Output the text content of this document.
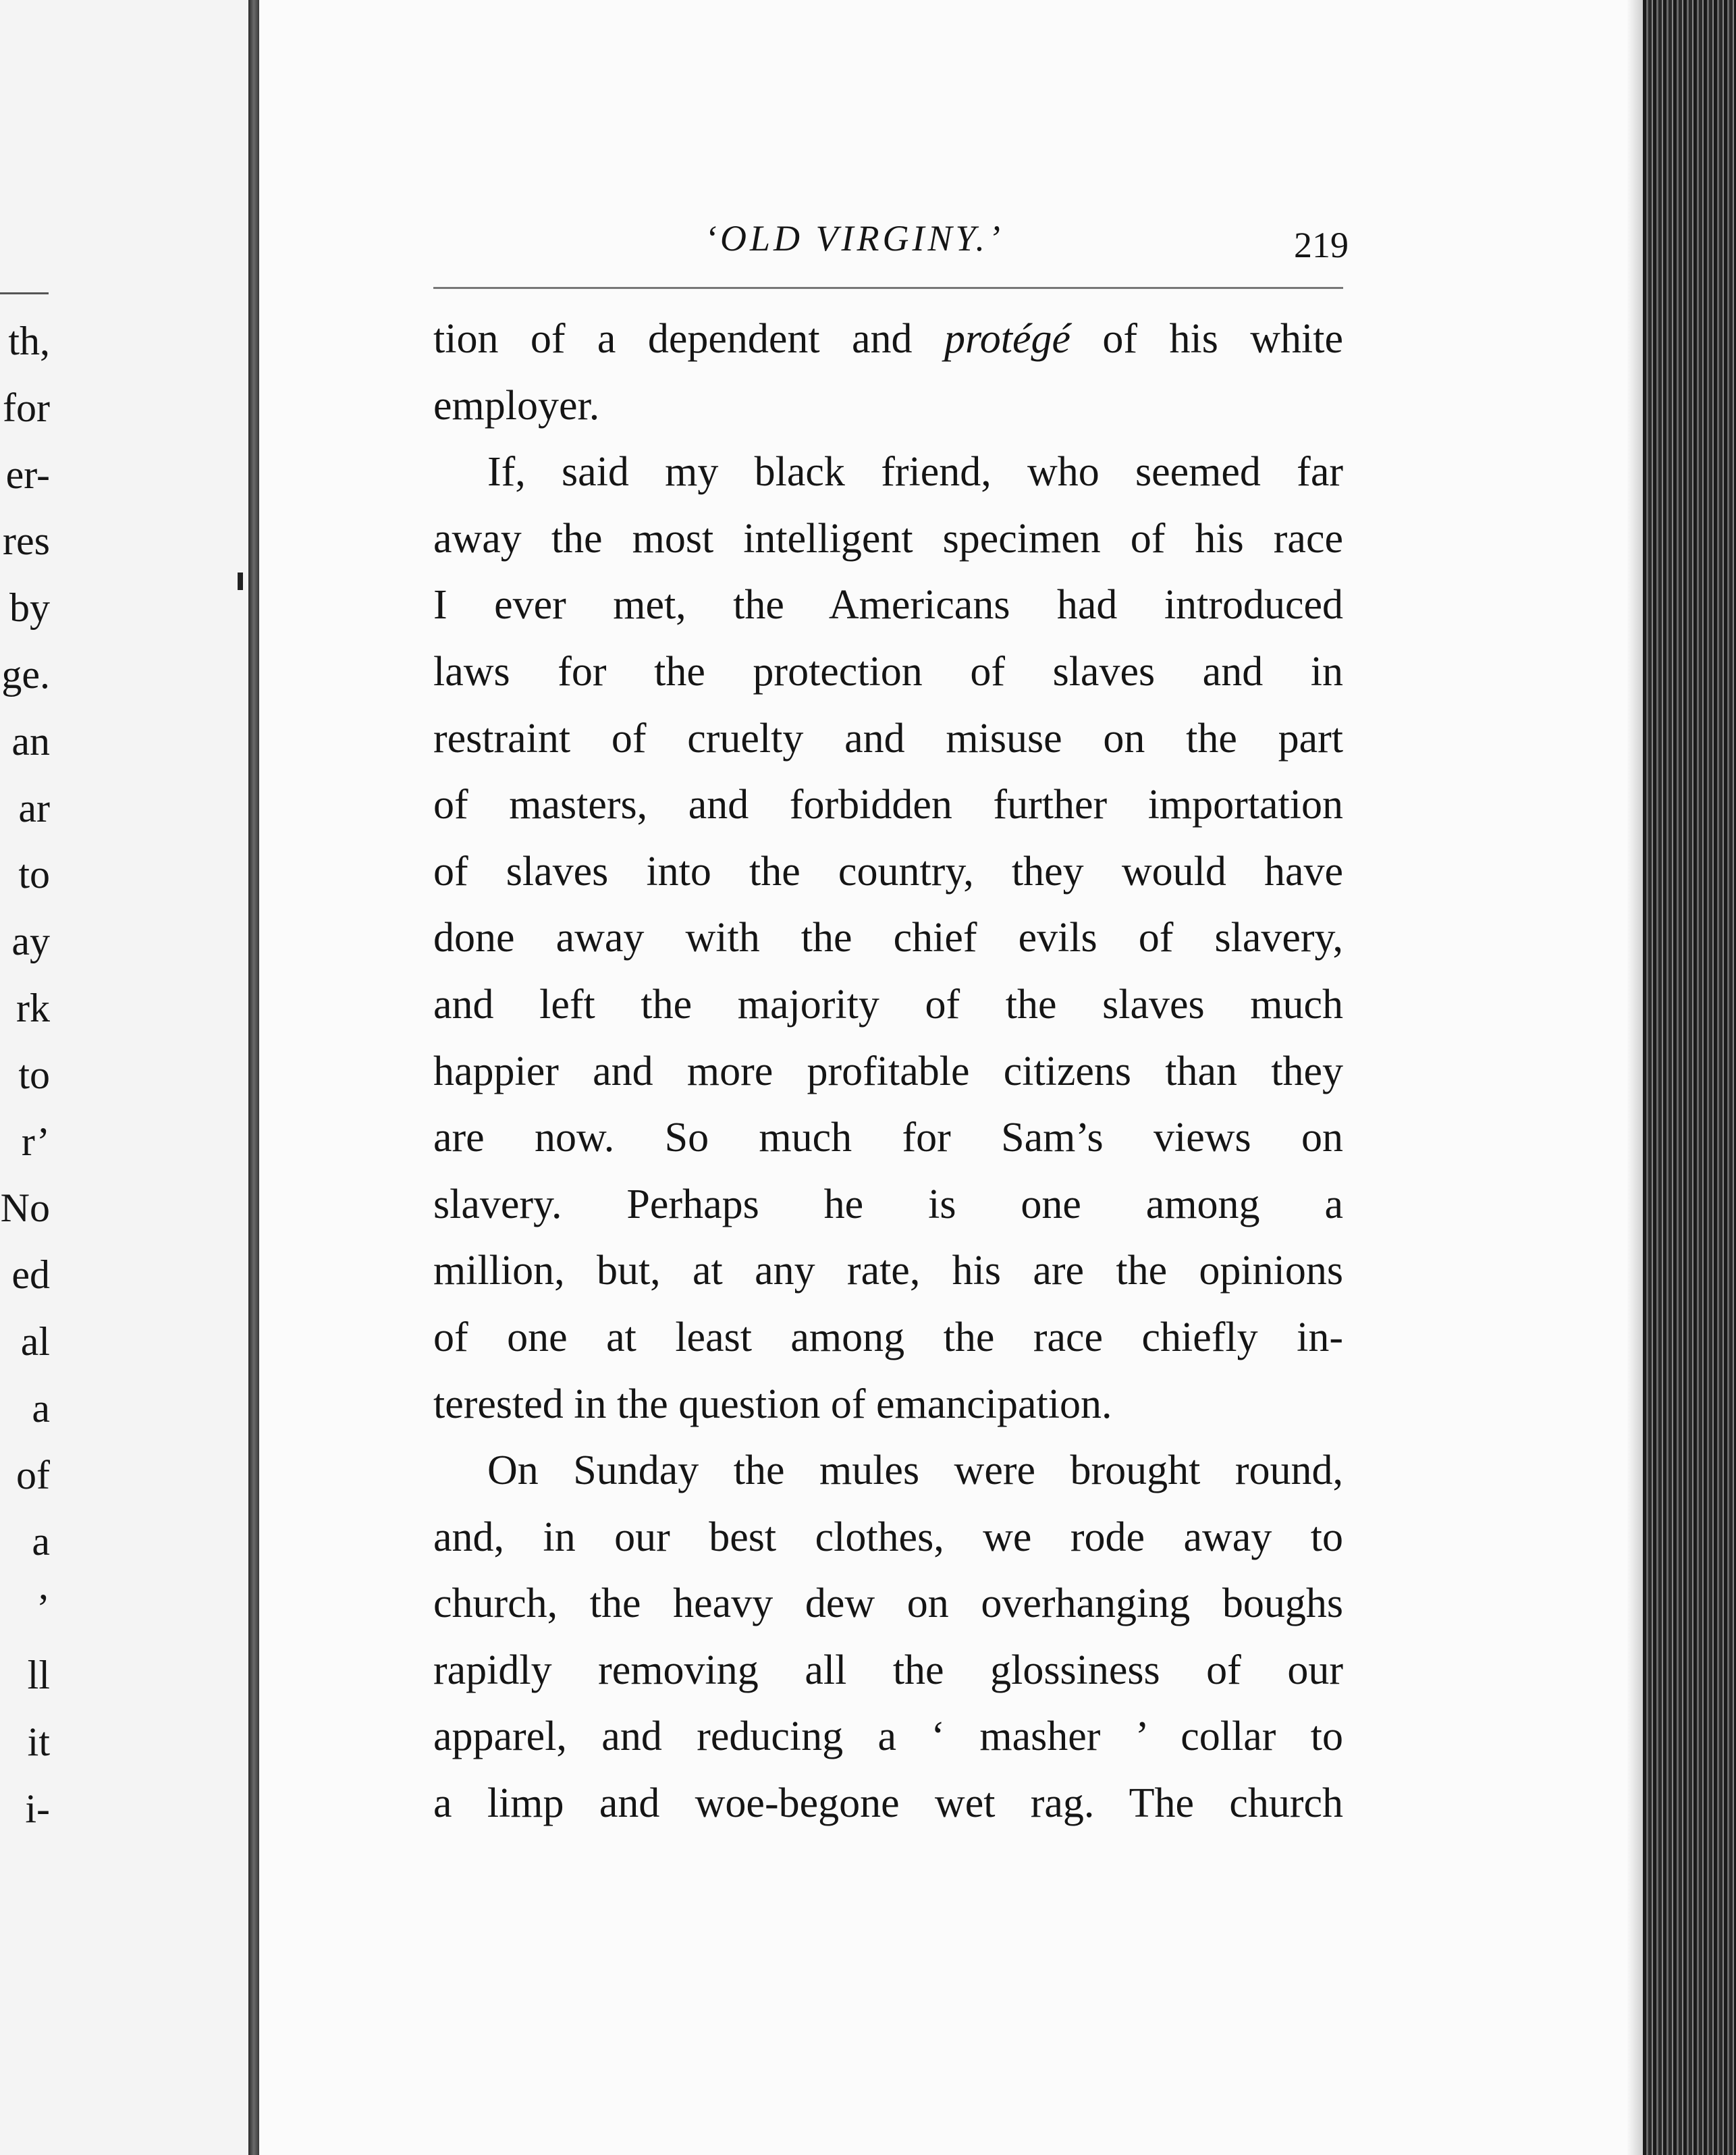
th,
for
er-
res
by
ge.
an
ar
to
ay
rk
to
r’
No
ed
al
a
of
a
’
ll
it
i-
‘OLD VIRGINY.’	219
tion of a dependent and protégé of his white
employer.
If, said my black friend, who seemed far
away the most intelligent specimen of his race
I ever met, the Americans had introduced
laws for the protection of slaves and in
restraint of cruelty and misuse on the part
of masters, and forbidden further importation
of slaves into the country, they would have
done away with the chief evils of slavery,
and left the majority of the slaves much
happier and more profitable citizens than they
are now. So much for Sam’s views on
slavery. Perhaps he is one among a
million, but, at any rate, his are the opinions
of one at least among the race chiefly in-
terested in the question of emancipation.
On Sunday the mules were brought round,
and, in our best clothes, we rode away to
church, the heavy dew on overhanging boughs
rapidly removing all the glossiness of our
apparel, and reducing a ‘ masher ’ collar to
a limp and woe-begone wet rag. The church
